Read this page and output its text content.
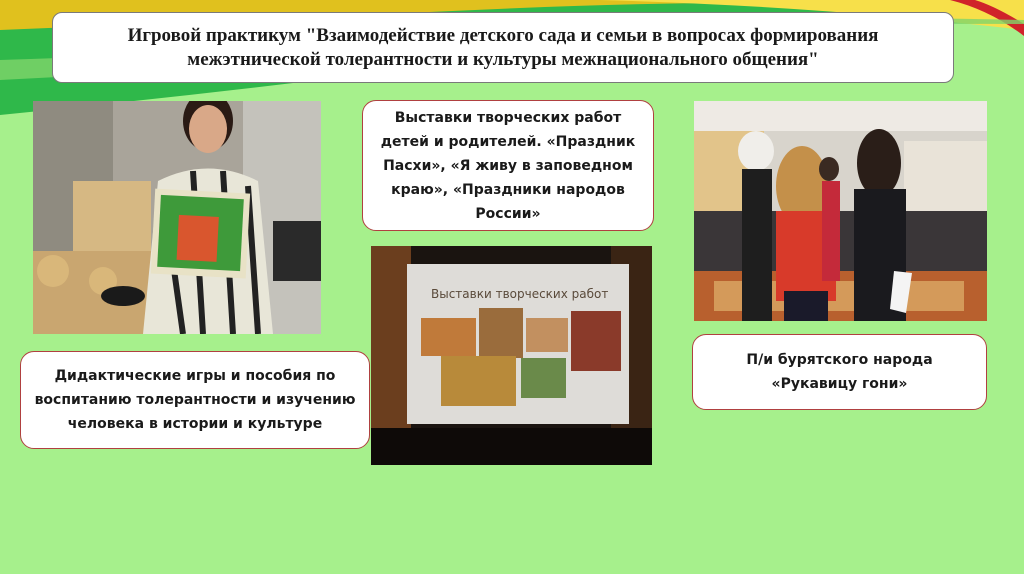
Игровой практикум "Взаимодействие детского сада и семьи в вопросах формирования межэтнической толерантности и культуры межнационального общения"
Выставки творческих работ детей и родителей. «Праздник Пасхи», «Я живу в заповедном краю», «Праздники народов России»
Выставки творческих работ
Дидактические игры и пособия по воспитанию толерантности и изучению человека в истории и культуре
П/и бурятского народа «Рукавицу гони»
